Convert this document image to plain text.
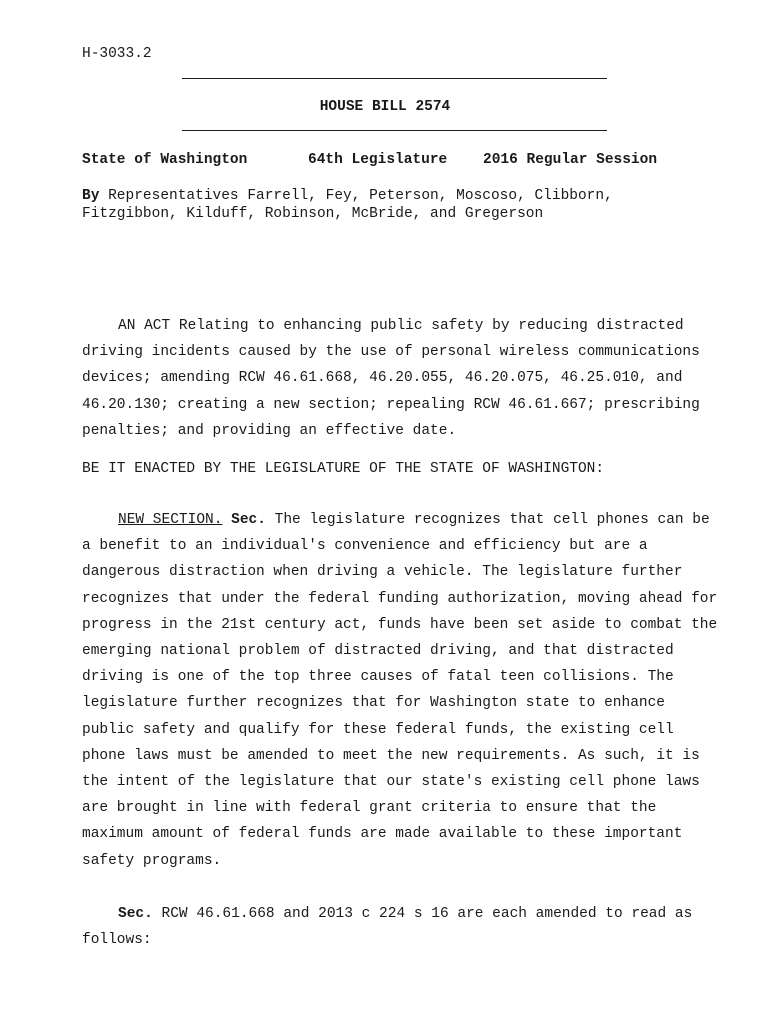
H-3033.2
HOUSE BILL 2574
State of Washington	64th Legislature 2016 Regular Session
By Representatives Farrell, Fey, Peterson, Moscoso, Clibborn,
Fitzgibbon, Kilduff, Robinson, McBride, and Gregerson
AN ACT Relating to enhancing public safety by reducing distracted driving incidents caused by the use of personal wireless communications devices; amending RCW 46.61.668, 46.20.055, 46.20.075, 46.25.010, and 46.20.130; creating a new section; repealing RCW 46.61.667; prescribing penalties; and providing an effective date.
BE IT ENACTED BY THE LEGISLATURE OF THE STATE OF WASHINGTON:
NEW SECTION. Sec. The legislature recognizes that cell phones can be a benefit to an individual's convenience and efficiency but are a dangerous distraction when driving a vehicle. The legislature further recognizes that under the federal funding authorization, moving ahead for progress in the 21st century act, funds have been set aside to combat the emerging national problem of distracted driving, and that distracted driving is one of the top three causes of fatal teen collisions. The legislature further recognizes that for Washington state to enhance public safety and qualify for these federal funds, the existing cell phone laws must be amended to meet the new requirements. As such, it is the intent of the legislature that our state's existing cell phone laws are brought in line with federal grant criteria to ensure that the maximum amount of federal funds are made available to these important safety programs.
Sec. RCW 46.61.668 and 2013 c 224 s 16 are each amended to read as follows:
